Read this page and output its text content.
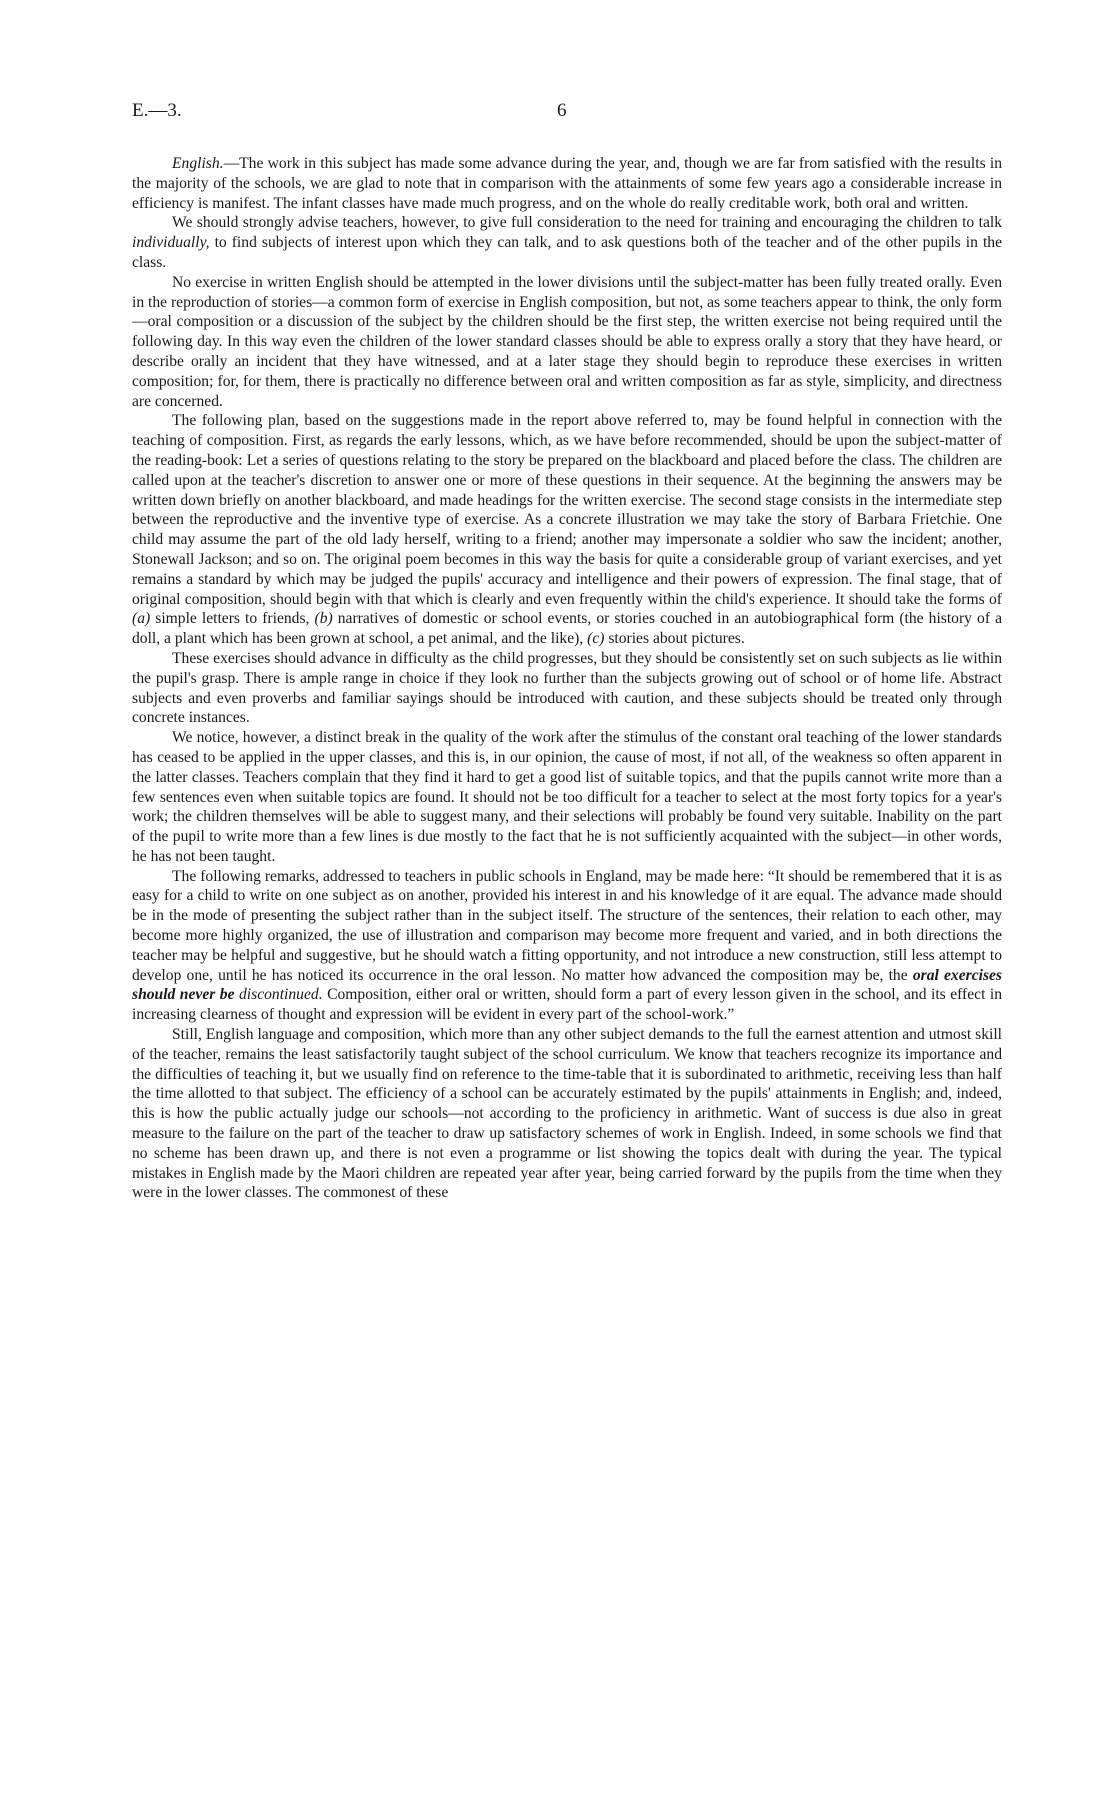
E.—3.	6

English.—The work in this subject has made some advance during the year, and, though we are far from satisfied with the results in the majority of the schools, we are glad to note that in comparison with the attainments of some few years ago a considerable increase in efficiency is manifest. The infant classes have made much progress, and on the whole do really creditable work, both oral and written.

We should strongly advise teachers, however, to give full consideration to the need for training and encouraging the children to talk individually, to find subjects of interest upon which they can talk, and to ask questions both of the teacher and of the other pupils in the class.

No exercise in written English should be attempted in the lower divisions until the subject-matter has been fully treated orally. Even in the reproduction of stories—a common form of exercise in English composition, but not, as some teachers appear to think, the only form—oral composition or a discussion of the subject by the children should be the first step, the written exercise not being required until the following day. In this way even the children of the lower standard classes should be able to express orally a story that they have heard, or describe orally an incident that they have witnessed, and at a later stage they should begin to reproduce these exercises in written composition; for, for them, there is practically no difference between oral and written composition as far as style, simplicity, and directness are concerned.

The following plan, based on the suggestions made in the report above referred to, may be found helpful in connection with the teaching of composition. First, as regards the early lessons, which, as we have before recommended, should be upon the subject-matter of the reading-book: Let a series of questions relating to the story be prepared on the blackboard and placed before the class. The children are called upon at the teacher's discretion to answer one or more of these questions in their sequence. At the beginning the answers may be written down briefly on another blackboard, and made headings for the written exercise. The second stage consists in the intermediate step between the reproductive and the inventive type of exercise. As a concrete illustration we may take the story of Barbara Frietchie. One child may assume the part of the old lady herself, writing to a friend; another may impersonate a soldier who saw the incident; another, Stonewall Jackson; and so on. The original poem becomes in this way the basis for quite a considerable group of variant exercises, and yet remains a standard by which may be judged the pupils' accuracy and intelligence and their powers of expression. The final stage, that of original composition, should begin with that which is clearly and even frequently within the child's experience. It should take the forms of (a) simple letters to friends, (b) narratives of domestic or school events, or stories couched in an autobiographical form (the history of a doll, a plant which has been grown at school, a pet animal, and the like), (c) stories about pictures.

These exercises should advance in difficulty as the child progresses, but they should be consistently set on such subjects as lie within the pupil's grasp. There is ample range in choice if they look no further than the subjects growing out of school or of home life. Abstract subjects and even proverbs and familiar sayings should be introduced with caution, and these subjects should be treated only through concrete instances.

We notice, however, a distinct break in the quality of the work after the stimulus of the constant oral teaching of the lower standards has ceased to be applied in the upper classes, and this is, in our opinion, the cause of most, if not all, of the weakness so often apparent in the latter classes. Teachers complain that they find it hard to get a good list of suitable topics, and that the pupils cannot write more than a few sentences even when suitable topics are found. It should not be too difficult for a teacher to select at the most forty topics for a year's work; the children themselves will be able to suggest many, and their selections will probably be found very suitable. Inability on the part of the pupil to write more than a few lines is due mostly to the fact that he is not sufficiently acquainted with the subject—in other words, he has not been taught.

The following remarks, addressed to teachers in public schools in England, may be made here: “It should be remembered that it is as easy for a child to write on one subject as on another, provided his interest in and his knowledge of it are equal. The advance made should be in the mode of presenting the subject rather than in the subject itself. The structure of the sentences, their relation to each other, may become more highly organized, the use of illustration and comparison may become more frequent and varied, and in both directions the teacher may be helpful and suggestive, but he should watch a fitting opportunity, and not introduce a new construction, still less attempt to develop one, until he has noticed its occurrence in the oral lesson. No matter how advanced the composition may be, the oral exercises should never be discontinued. Composition, either oral or written, should form a part of every lesson given in the school, and its effect in increasing clearness of thought and expression will be evident in every part of the school-work.”

Still, English language and composition, which more than any other subject demands to the full the earnest attention and utmost skill of the teacher, remains the least satisfactorily taught subject of the school curriculum. We know that teachers recognize its importance and the difficulties of teaching it, but we usually find on reference to the time-table that it is subordinated to arithmetic, receiving less than half the time allotted to that subject. The efficiency of a school can be accurately estimated by the pupils' attainments in English; and, indeed, this is how the public actually judge our schools—not according to the proficiency in arithmetic. Want of success is due also in great measure to the failure on the part of the teacher to draw up satisfactory schemes of work in English. Indeed, in some schools we find that no scheme has been drawn up, and there is not even a programme or list showing the topics dealt with during the year. The typical mistakes in English made by the Maori children are repeated year after year, being carried forward by the pupils from the time when they were in the lower classes. The commonest of these
